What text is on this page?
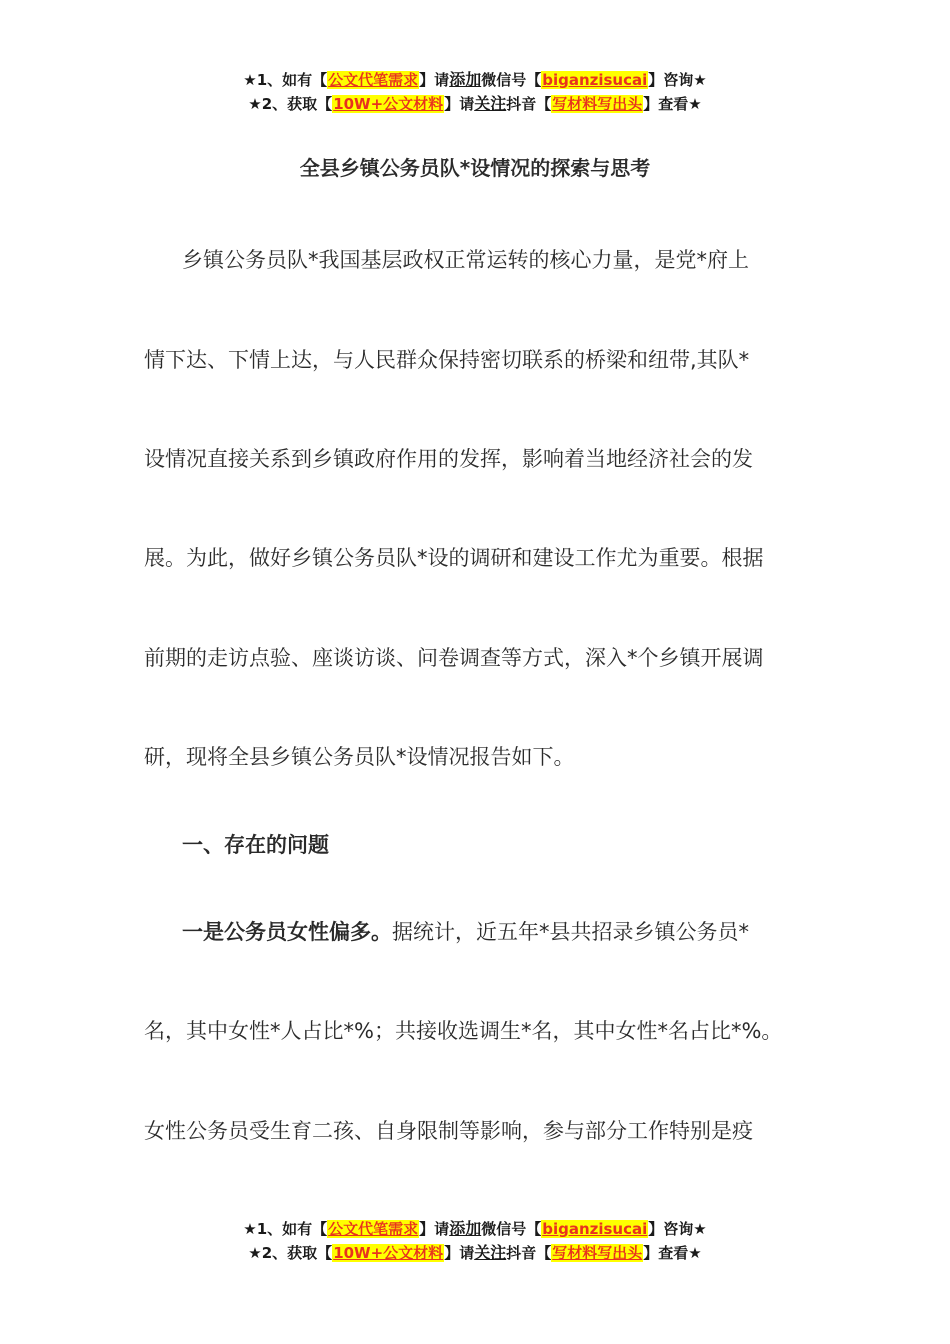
★1、如有【公文代笔需求】请添加微信号【biganzisucai】咨询★
★2、获取【10W+公文材料】请关注抖音【写材料写出头】查看★
全县乡镇公务员队*设情况的探索与思考

乡镇公务员队*我国基层政权正常运转的核心力量，是党*府上

情下达、下情上达，与人民群众保持密切联系的桥梁和纽带,其队*

设情况直接关系到乡镇政府作用的发挥，影响着当地经济社会的发

展。为此，做好乡镇公务员队*设的调研和建设工作尤为重要。根据

前期的走访点验、座谈访谈、问卷调查等方式，深入*个乡镇开展调

研，现将全县乡镇公务员队*设情况报告如下。

一、存在的问题

一是公务员女性偏多。据统计，近五年*县共招录乡镇公务员*

名，其中女性*人占比*%；共接收选调生*名，其中女性*名占比*%。

女性公务员受生育二孩、自身限制等影响，参与部分工作特别是疫

★1、如有【公文代笔需求】请添加微信号【biganzisucai】咨询★
★2、获取【10W+公文材料】请关注抖音【写材料写出头】查看★
